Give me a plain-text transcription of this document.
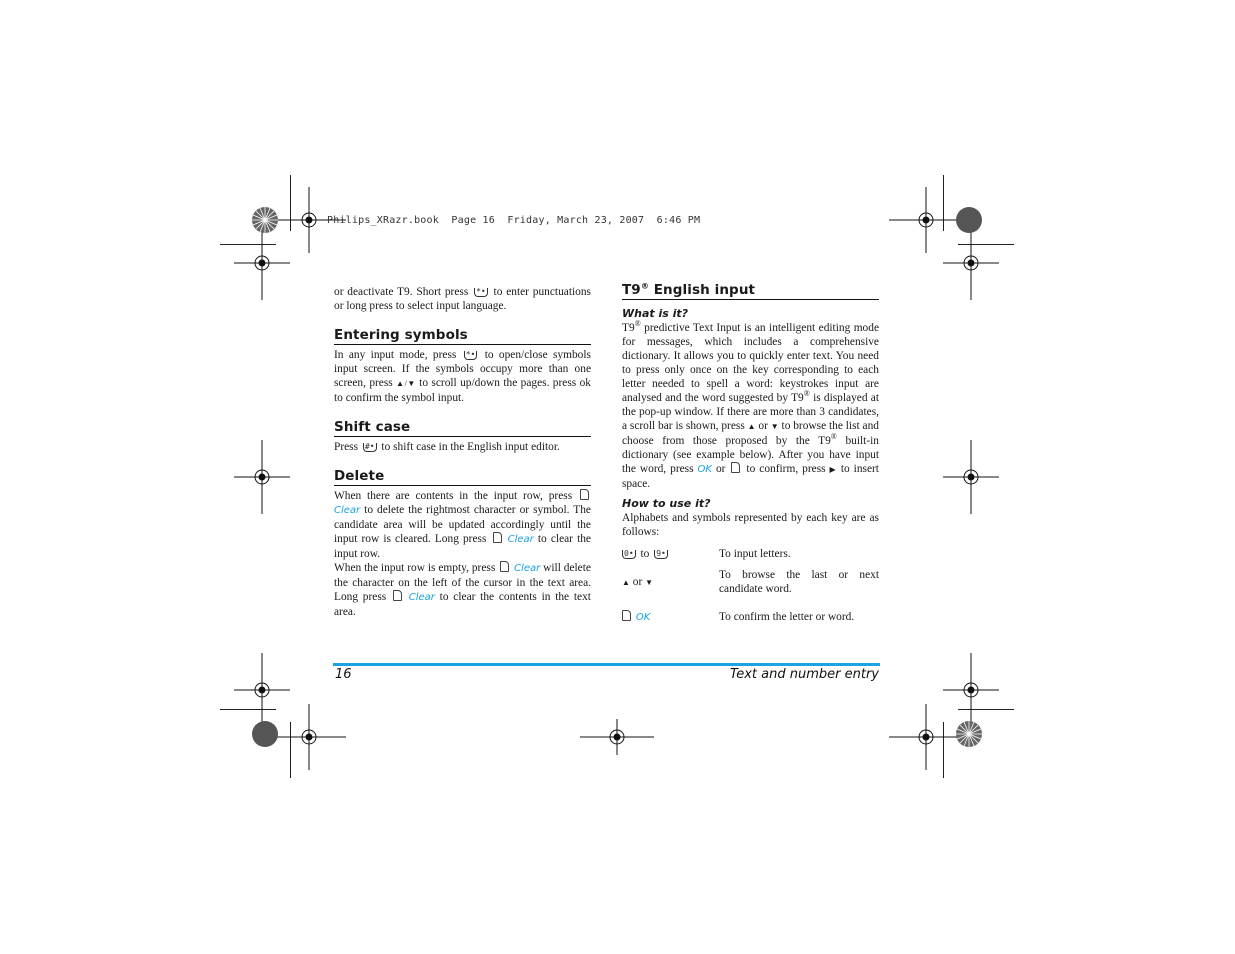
Philips_XRazr.book  Page 16  Friday, March 23, 2007  6:46 PM

or deactivate T9. Short press *• to enter punctuations or long press to select input language.

Entering symbols

In any input mode, press *• to open/close symbols input screen. If the symbols occupy more than one screen, press ▲/▼ to scroll up/down the pages. press ok to confirm the symbol input.

Shift case

Press #• to shift case in the English input editor.

Delete

When there are contents in the input row, press  Clear to delete the rightmost character or symbol. The candidate area will be updated accordingly until the input row is cleared. Long press Clear to clear the input row.

When the input row is empty, press Clear will delete the character on the left of the cursor in the text area. Long press Clear to clear the contents in the text area.

T9® English input
What is it?

T9® predictive Text Input is an intelligent editing mode for messages, which includes a comprehensive dictionary. It allows you to quickly enter text. You need to press only once on the key corresponding to each letter needed to spell a word: keystrokes input are analysed and the word suggested by T9® is displayed at the pop-up window. If there are more than 3 candidates, a scroll bar is shown, press ▲ or ▼ to browse the list and choose from those proposed by the T9® built-in dictionary (see example below). After you have input the word, press OK or to confirm, press ▶ to insert space.

How to use it?

Alphabets and symbols represented by each key are as follows:

0• to 9•	To input letters.
▲ or ▼	To browse the last or next candidate word.
OK	To confirm the letter or word.
16	Text and number entry
